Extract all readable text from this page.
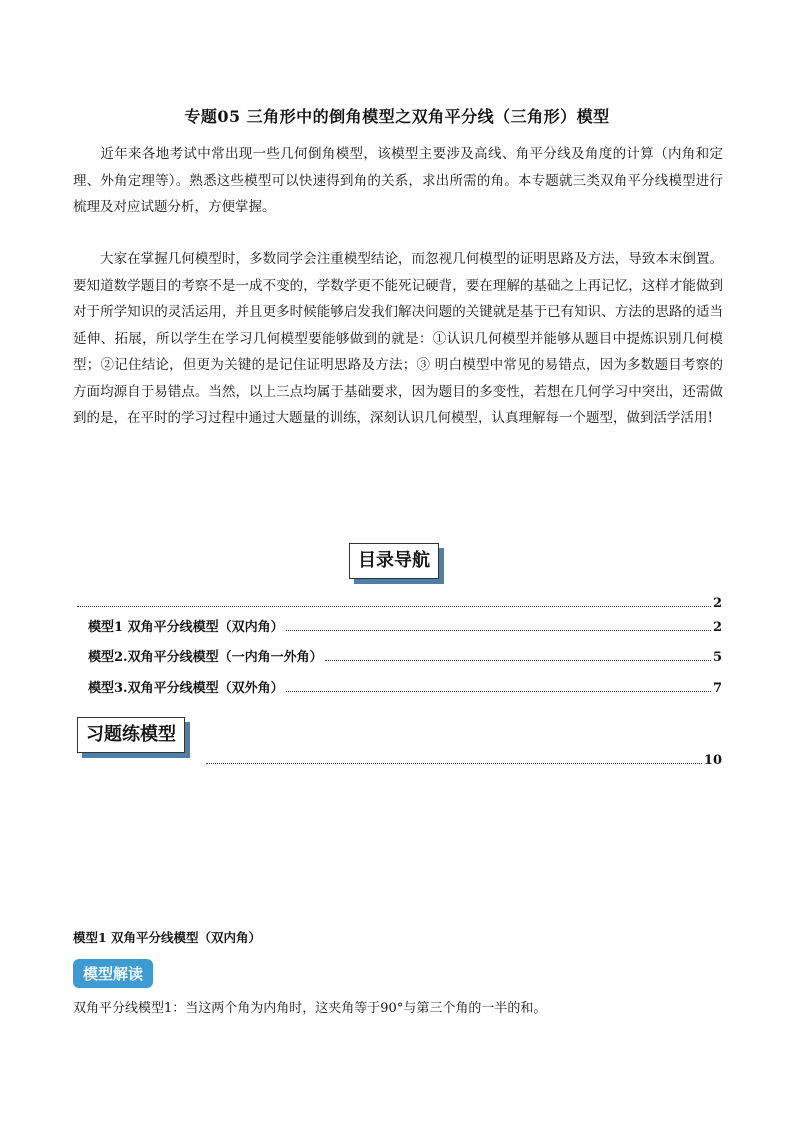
专题05 三角形中的倒角模型之双角平分线（三角形）模型

近年来各地考试中常出现一些几何倒角模型，该模型主要涉及高线、角平分线及角度的计算（内角和定理、外角定理等）。熟悉这些模型可以快速得到角的关系，求出所需的角。本专题就三类双角平分线模型进行梳理及对应试题分析，方便掌握。

大家在掌握几何模型时，多数同学会注重模型结论，而忽视几何模型的证明思路及方法，导致本末倒置。要知道数学题目的考察不是一成不变的，学数学更不能死记硬背，要在理解的基础之上再记忆，这样才能做到对于所学知识的灵活运用，并且更多时候能够启发我们解决问题的关键就是基于已有知识、方法的思路的适当延伸、拓展，所以学生在学习几何模型要能够做到的就是：①认识几何模型并能够从题目中提炼识别几何模型；②记住结论，但更为关键的是记住证明思路及方法；③ 明白模型中常见的易错点，因为多数题目考察的方面均源自于易错点。当然，以上三点均属于基础要求，因为题目的多变性，若想在几何学习中突出，还需做到的是，在平时的学习过程中通过大题量的训练，深刻认识几何模型，认真理解每一个题型，做到活学活用!

目录导航
2
模型1 双角平分线模型（双内角）	2
模型2.双角平分线模型（一内角一外角）	5
模型3.双角平分线模型（双外角）	7
习题练模型
10
模型1 双角平分线模型（双内角）
模型解读
双角平分线模型1：当这两个角为内角时，这夹角等于90°与第三个角的一半的和。
